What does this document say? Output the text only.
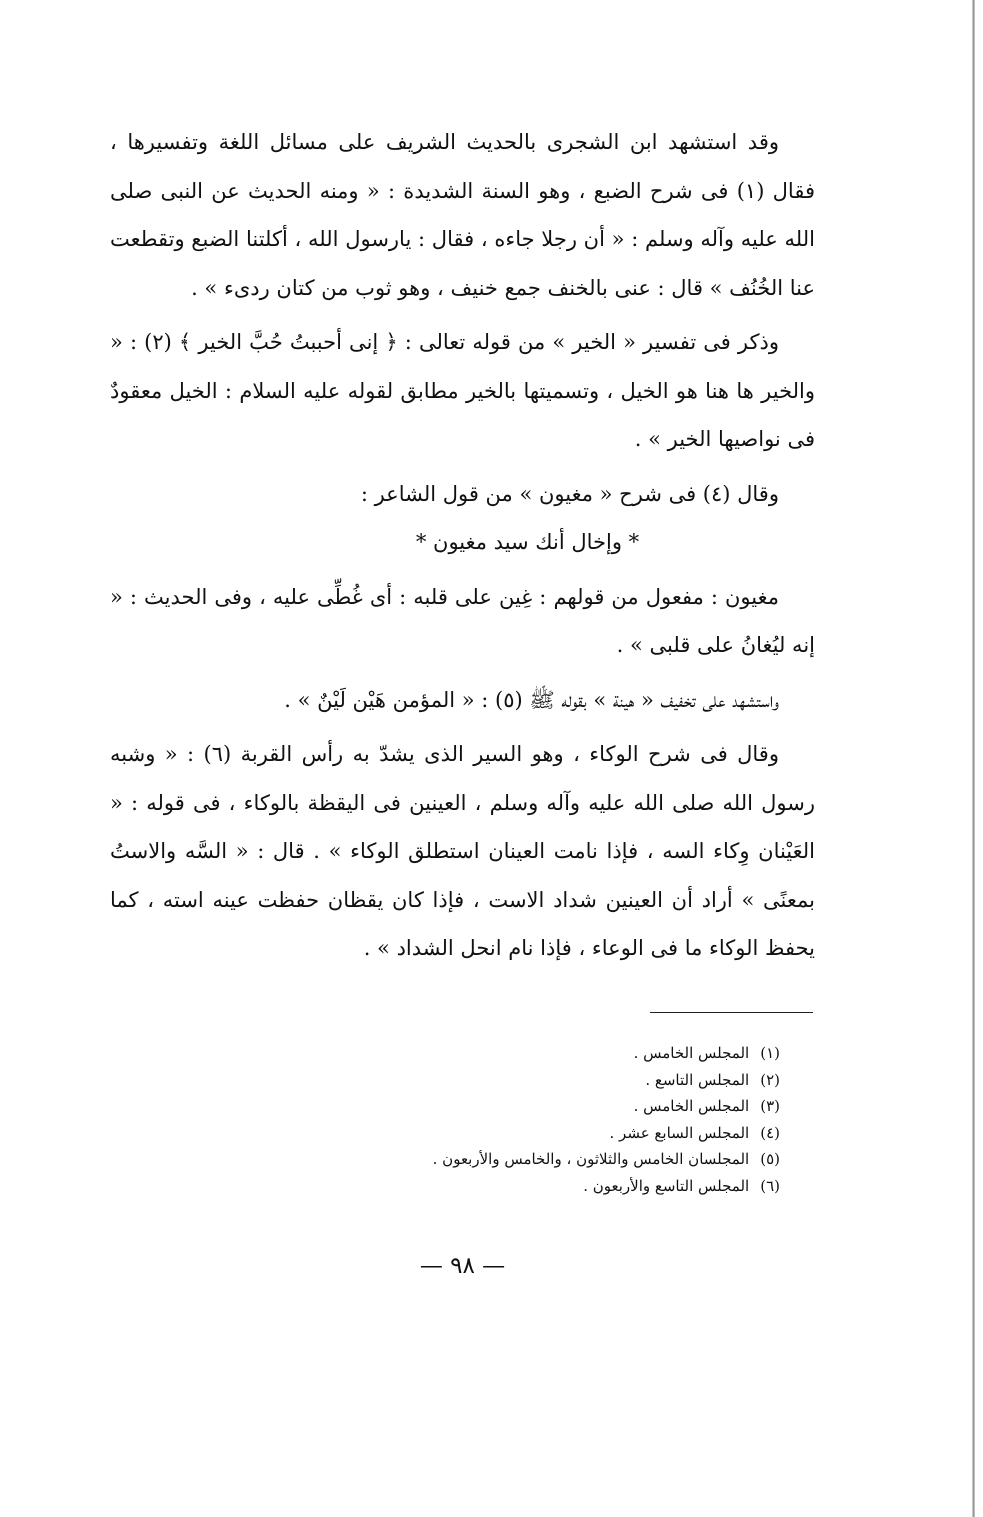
وقد استشهد ابن الشجرى بالحديث الشريف على مسائل اللغة وتفسيرها ، فقال (١) فى شرح الضبع ، وهو السنة الشديدة : « ومنه الحديث عن النبى صلى الله عليه وآله وسلم : « أن رجلا جاءه ، فقال : يارسول الله ، أكلتنا الضبع وتقطعت عنا الخُنُف » قال : عنى بالخنف جمع خنيف ، وهو ثوب من كتان ردىء » .

وذكر فى تفسير « الخير » من قوله تعالى : ﴿ إنى أحببتُ حُبَّ الخير ﴾ (٢) : « والخير ها هنا هو الخيل ، وتسميتها بالخير مطابق لقوله عليه السلام : الخيل معقودٌ فى نواصيها الخير » .

وقال (٤) فى شرح « مغيون » من قول الشاعر :

* وإخال أنك سيد مغيون *

مغيون : مفعول من قولهم : غِين على قلبه : أى غُطِّى عليه ، وفى الحديث : « إنه ليُغانُ على قلبى » .

واستشهد على تخفيف « هينة » بقوله ﷺ (٥) : « المؤمن هَيْن لَيْنٌ » .

وقال فى شرح الوكاء ، وهو السير الذى يشدّ به رأس القربة (٦) : « وشبه رسول الله صلى الله عليه وآله وسلم ، العينين فى اليقظة بالوكاء ، فى قوله : « العَيْنان وِكاء السه ، فإذا نامت العينان استطلق الوكاء » . قال : « السَّه والاستُ بمعنًى » أراد أن العينين شداد الاست ، فإذا كان يقظان حفظت عينه استه ، كما يحفظ الوكاء ما فى الوعاء ، فإذا نام انحل الشداد » .

(١) المجلس الخامس .
(٢) المجلس التاسع .
(٣) المجلس الخامس .
(٤) المجلس السابع عشر .
(٥) المجلسان الخامس والثلاثون ، والخامس والأربعون .
(٦) المجلس التاسع والأربعون .
— ٩٨ —
